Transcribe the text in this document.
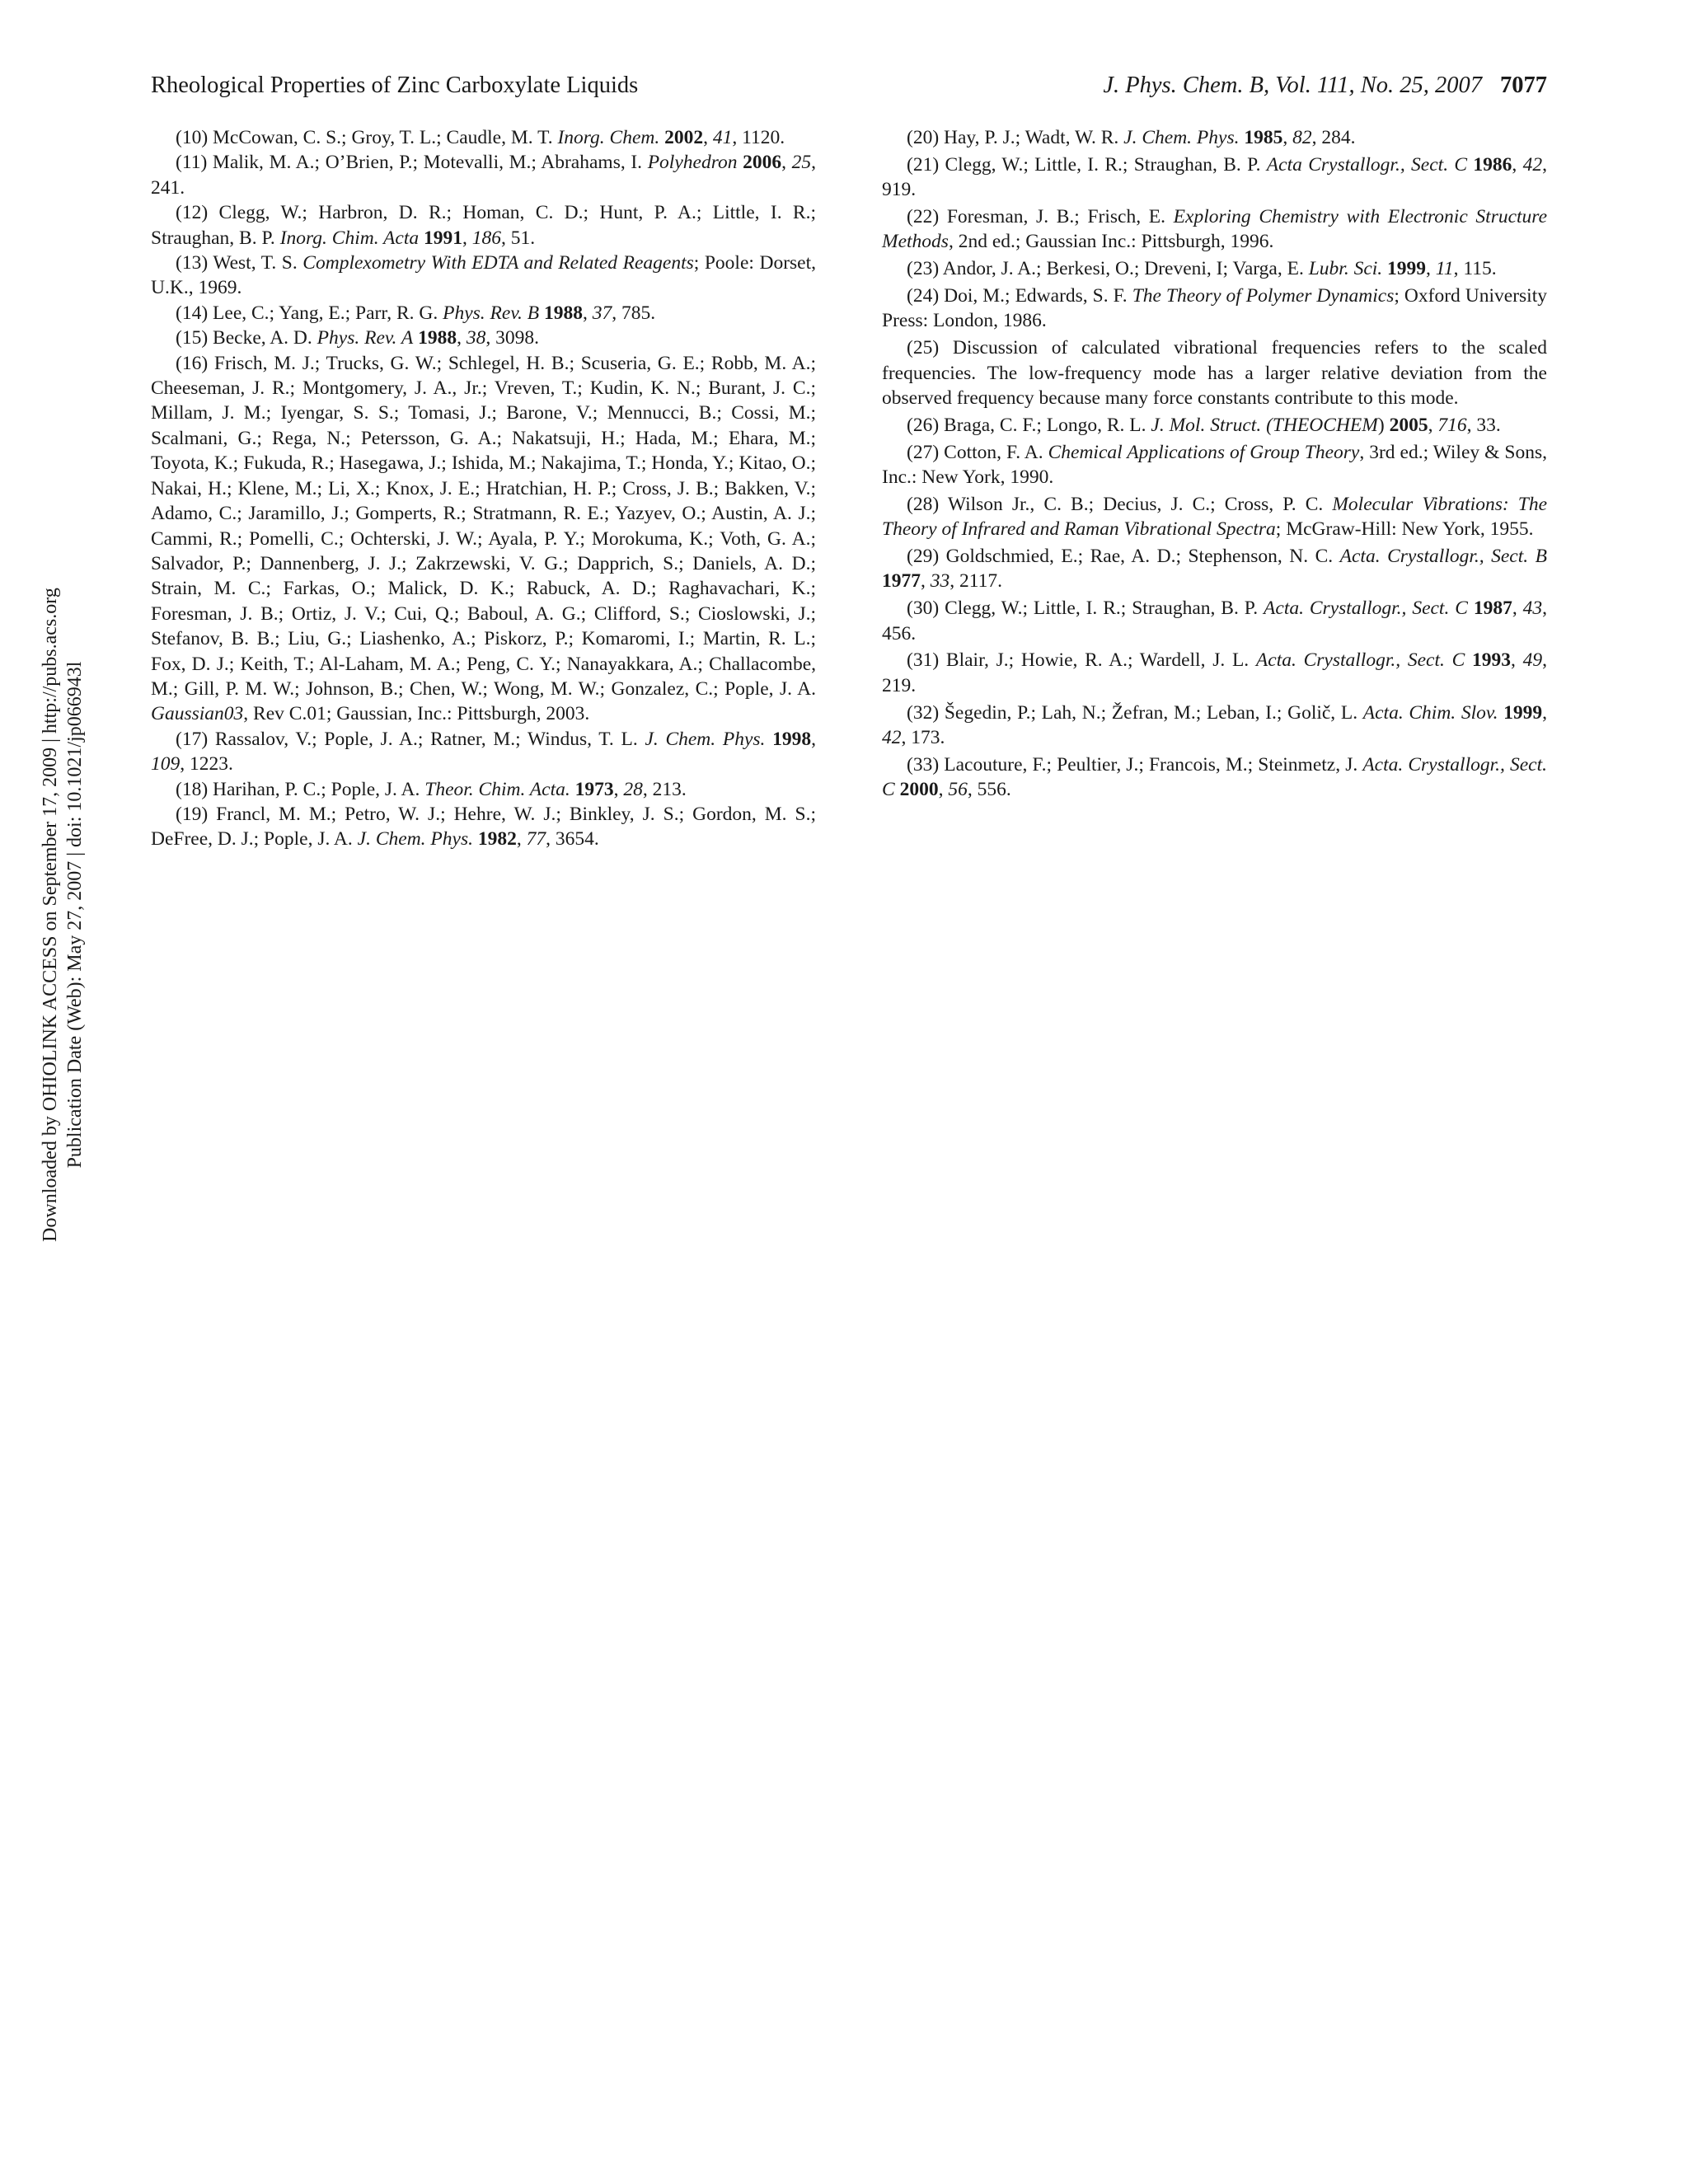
Rheological Properties of Zinc Carboxylate Liquids	J. Phys. Chem. B, Vol. 111, No. 25, 2007 7077
Downloaded by OHIOLINK ACCESS on September 17, 2009 | http://pubs.acs.org Publication Date (Web): May 27, 2007 | doi: 10.1021/jp066943l

(10) McCowan, C. S.; Groy, T. L.; Caudle, M. T. Inorg. Chem. 2002, 41, 1120.

(11) Malik, M. A.; O’Brien, P.; Motevalli, M.; Abrahams, I. Polyhedron 2006, 25, 241.

(12) Clegg, W.; Harbron, D. R.; Homan, C. D.; Hunt, P. A.; Little, I. R.; Straughan, B. P. Inorg. Chim. Acta 1991, 186, 51.

(13) West, T. S. Complexometry With EDTA and Related Reagents; Poole: Dorset, U.K., 1969.

(14) Lee, C.; Yang, E.; Parr, R. G. Phys. Rev. B 1988, 37, 785.

(15) Becke, A. D. Phys. Rev. A 1988, 38, 3098.

(16) Frisch, M. J.; Trucks, G. W.; Schlegel, H. B.; Scuseria, G. E.; Robb, M. A.; Cheeseman, J. R.; Montgomery, J. A., Jr.; Vreven, T.; Kudin, K. N.; Burant, J. C.; Millam, J. M.; Iyengar, S. S.; Tomasi, J.; Barone, V.; Mennucci, B.; Cossi, M.; Scalmani, G.; Rega, N.; Petersson, G. A.; Nakatsuji, H.; Hada, M.; Ehara, M.; Toyota, K.; Fukuda, R.; Hasegawa, J.; Ishida, M.; Nakajima, T.; Honda, Y.; Kitao, O.; Nakai, H.; Klene, M.; Li, X.; Knox, J. E.; Hratchian, H. P.; Cross, J. B.; Bakken, V.; Adamo, C.; Jaramillo, J.; Gomperts, R.; Stratmann, R. E.; Yazyev, O.; Austin, A. J.; Cammi, R.; Pomelli, C.; Ochterski, J. W.; Ayala, P. Y.; Morokuma, K.; Voth, G. A.; Salvador, P.; Dannenberg, J. J.; Zakrzewski, V. G.; Dapprich, S.; Daniels, A. D.; Strain, M. C.; Farkas, O.; Malick, D. K.; Rabuck, A. D.; Raghavachari, K.; Foresman, J. B.; Ortiz, J. V.; Cui, Q.; Baboul, A. G.; Clifford, S.; Cioslowski, J.; Stefanov, B. B.; Liu, G.; Liashenko, A.; Piskorz, P.; Komaromi, I.; Martin, R. L.; Fox, D. J.; Keith, T.; Al-Laham, M. A.; Peng, C. Y.; Nanayakkara, A.; Challacombe, M.; Gill, P. M. W.; Johnson, B.; Chen, W.; Wong, M. W.; Gonzalez, C.; Pople, J. A. Gaussian03, Rev C.01; Gaussian, Inc.: Pittsburgh, 2003.

(17) Rassalov, V.; Pople, J. A.; Ratner, M.; Windus, T. L. J. Chem. Phys. 1998, 109, 1223.

(18) Harihan, P. C.; Pople, J. A. Theor. Chim. Acta. 1973, 28, 213.

(19) Francl, M. M.; Petro, W. J.; Hehre, W. J.; Binkley, J. S.; Gordon, M. S.; DeFree, D. J.; Pople, J. A. J. Chem. Phys. 1982, 77, 3654.

(20) Hay, P. J.; Wadt, W. R. J. Chem. Phys. 1985, 82, 284.

(21) Clegg, W.; Little, I. R.; Straughan, B. P. Acta Crystallogr., Sect. C 1986, 42, 919.

(22) Foresman, J. B.; Frisch, E. Exploring Chemistry with Electronic Structure Methods, 2nd ed.; Gaussian Inc.: Pittsburgh, 1996.

(23) Andor, J. A.; Berkesi, O.; Dreveni, I; Varga, E. Lubr. Sci. 1999, 11, 115.

(24) Doi, M.; Edwards, S. F. The Theory of Polymer Dynamics; Oxford University Press: London, 1986.

(25) Discussion of calculated vibrational frequencies refers to the scaled frequencies. The low-frequency mode has a larger relative deviation from the observed frequency because many force constants contribute to this mode.

(26) Braga, C. F.; Longo, R. L. J. Mol. Struct. (THEOCHEM) 2005, 716, 33.

(27) Cotton, F. A. Chemical Applications of Group Theory, 3rd ed.; Wiley & Sons, Inc.: New York, 1990.

(28) Wilson Jr., C. B.; Decius, J. C.; Cross, P. C. Molecular Vibrations: The Theory of Infrared and Raman Vibrational Spectra; McGraw-Hill: New York, 1955.

(29) Goldschmied, E.; Rae, A. D.; Stephenson, N. C. Acta. Crystallogr., Sect. B 1977, 33, 2117.

(30) Clegg, W.; Little, I. R.; Straughan, B. P. Acta. Crystallogr., Sect. C 1987, 43, 456.

(31) Blair, J.; Howie, R. A.; Wardell, J. L. Acta. Crystallogr., Sect. C 1993, 49, 219.

(32) Šegedin, P.; Lah, N.; Žefran, M.; Leban, I.; Golič, L. Acta. Chim. Slov. 1999, 42, 173.

(33) Lacouture, F.; Peultier, J.; Francois, M.; Steinmetz, J. Acta. Crystallogr., Sect. C 2000, 56, 556.
